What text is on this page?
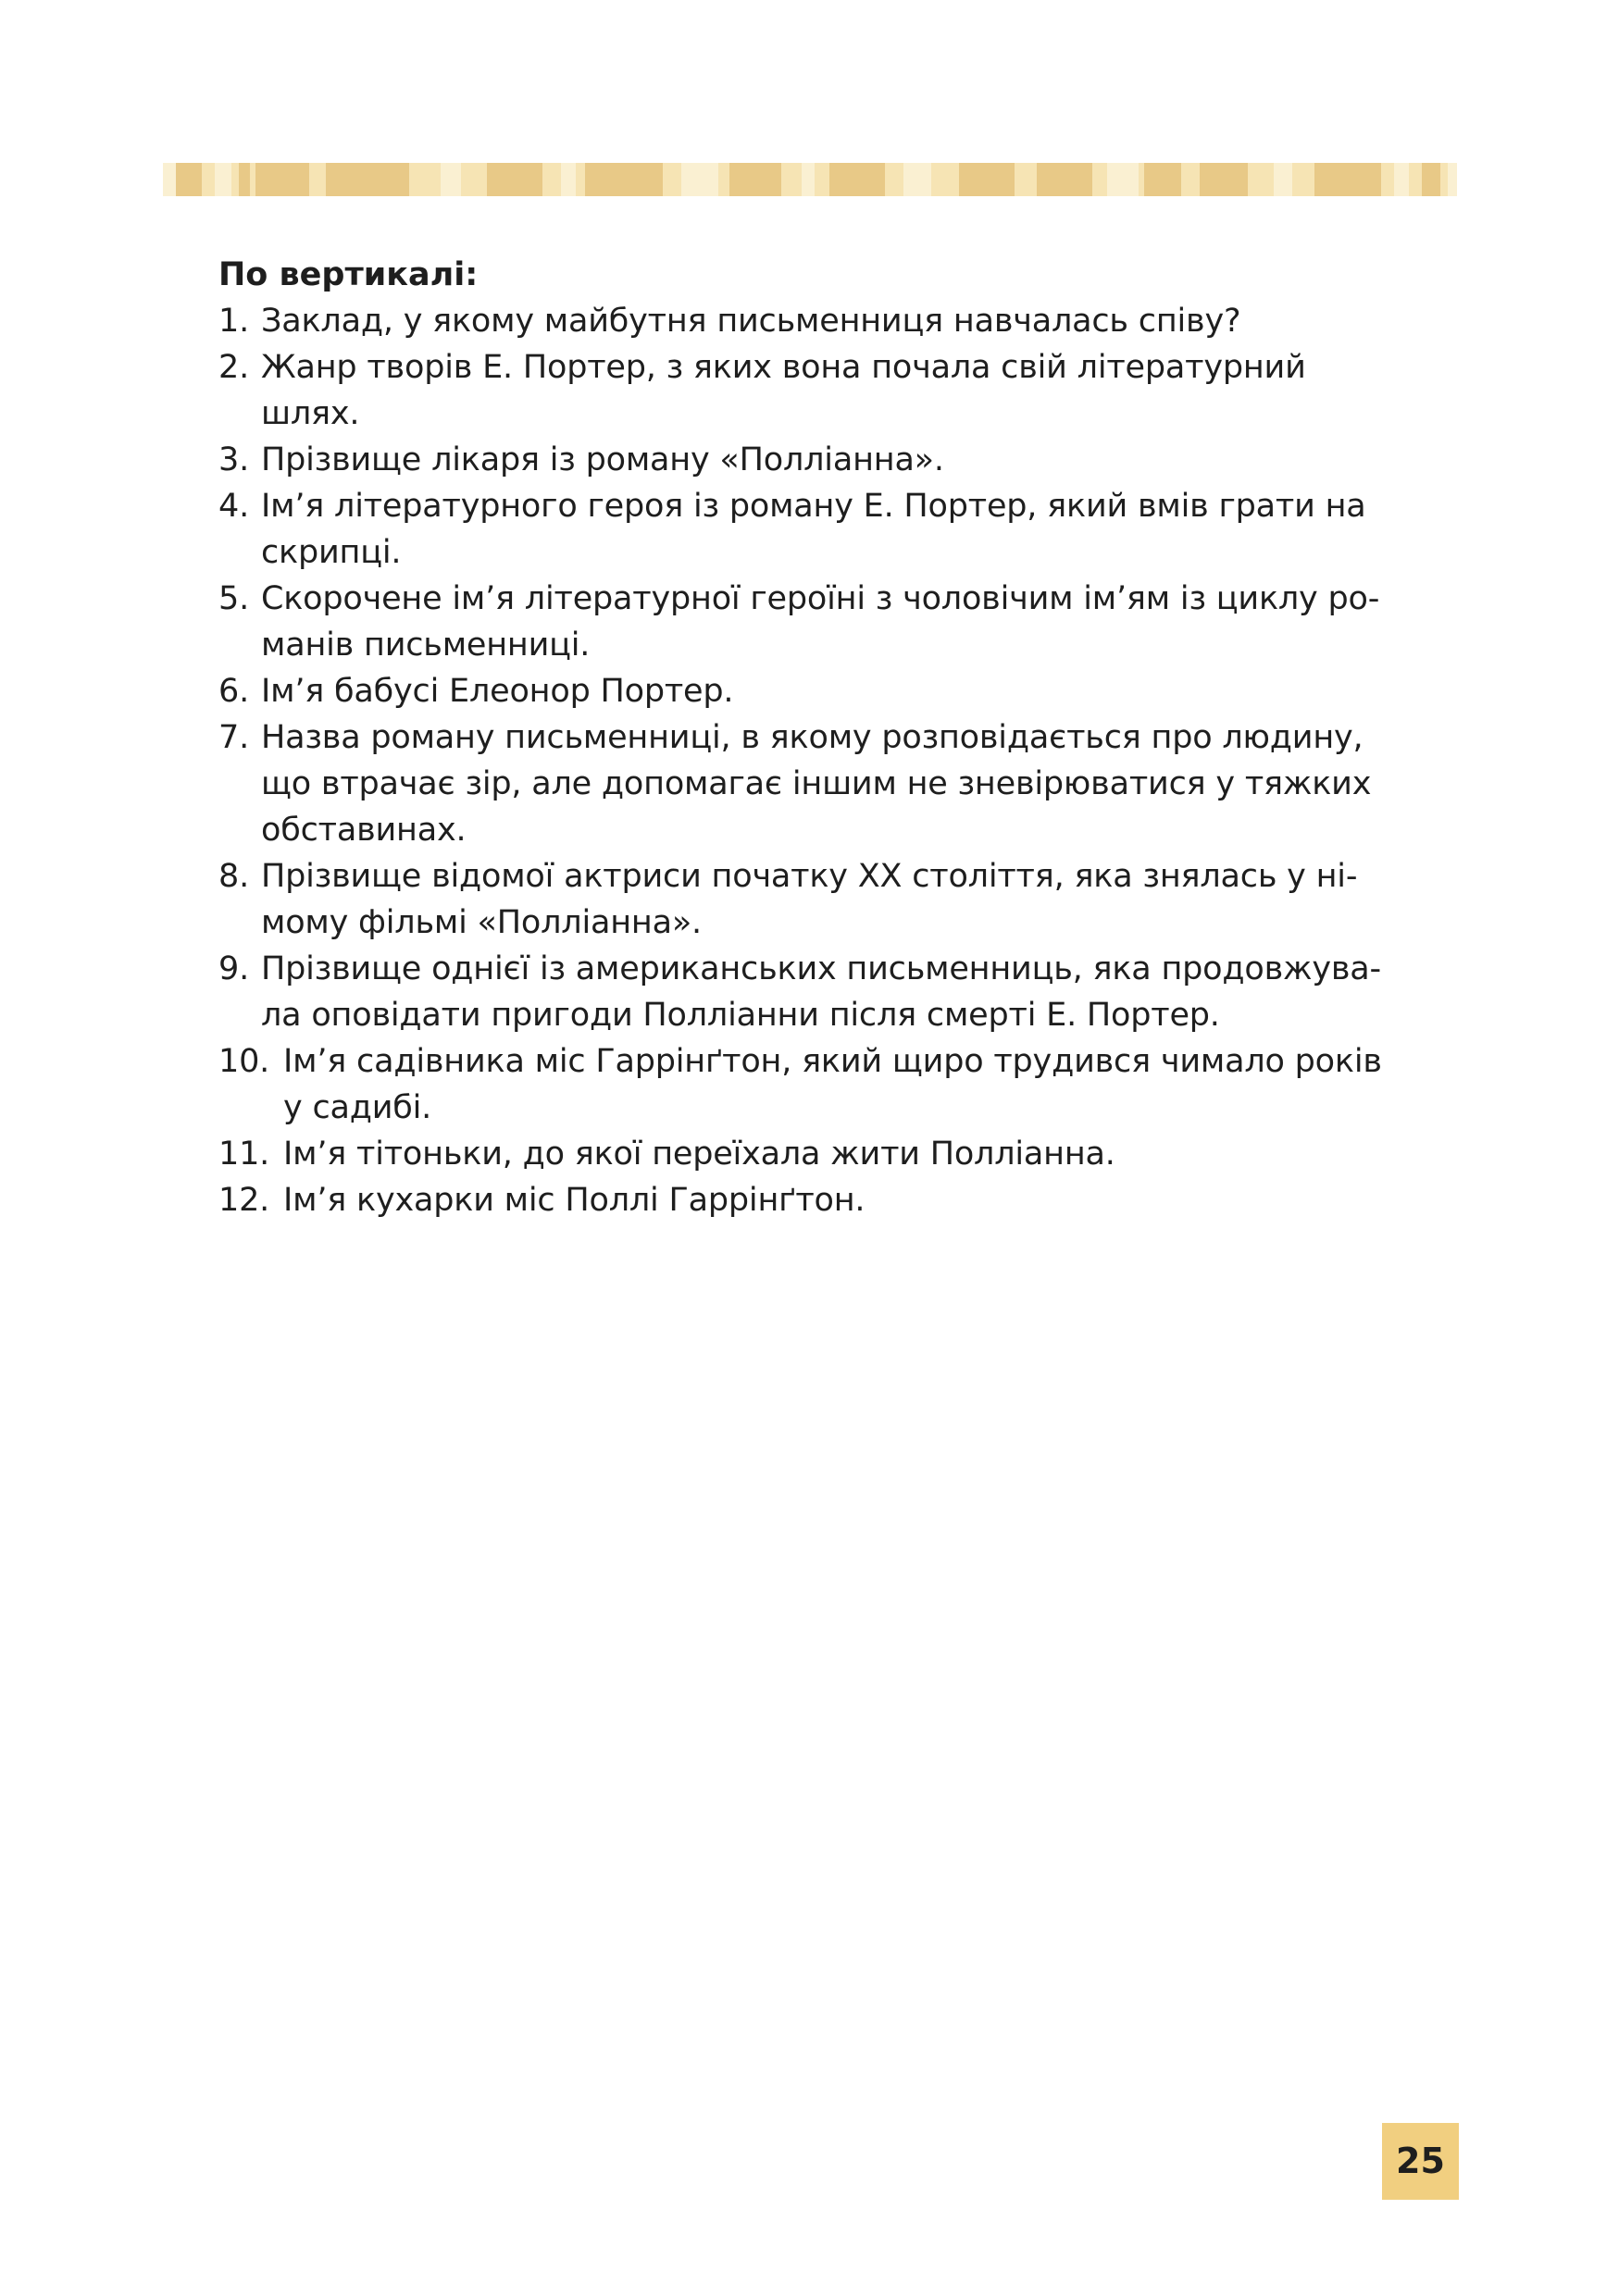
По вертикалі:
1. Заклад, у якому майбутня письменниця навчалась співу?
2. Жанр творів Е. Портер, з яких вона почала свій літературний
шлях.
3. Прізвище лікаря із роману «Полліанна».
4. Ім’я літературного героя із роману Е. Портер, який вмів грати на
скрипці.
5. Скорочене ім’я літературної героїні з чоловічим ім’ям із циклу ро-
манів письменниці.
6. Ім’я бабусі Елеонор Портер.
7. Назва роману письменниці, в якому розповідається про людину,
що втрачає зір, але допомагає іншим не зневірюватися у тяжких
обставинах.
8. Прізвище відомої актриси початку XX століття, яка знялась у ні-
мому фільмі «Полліанна».
9. Прізвище однієї із американських письменниць, яка продовжува-
ла оповідати пригоди Полліанни після смерті Е. Портер.
10. Ім’я садівника міс Гаррінґтон, який щиро трудився чимало років
у садибі.
11. Ім’я тітоньки, до якої переїхала жити Полліанна.
12. Ім’я кухарки міс Поллі Гаррінґтон.
25
